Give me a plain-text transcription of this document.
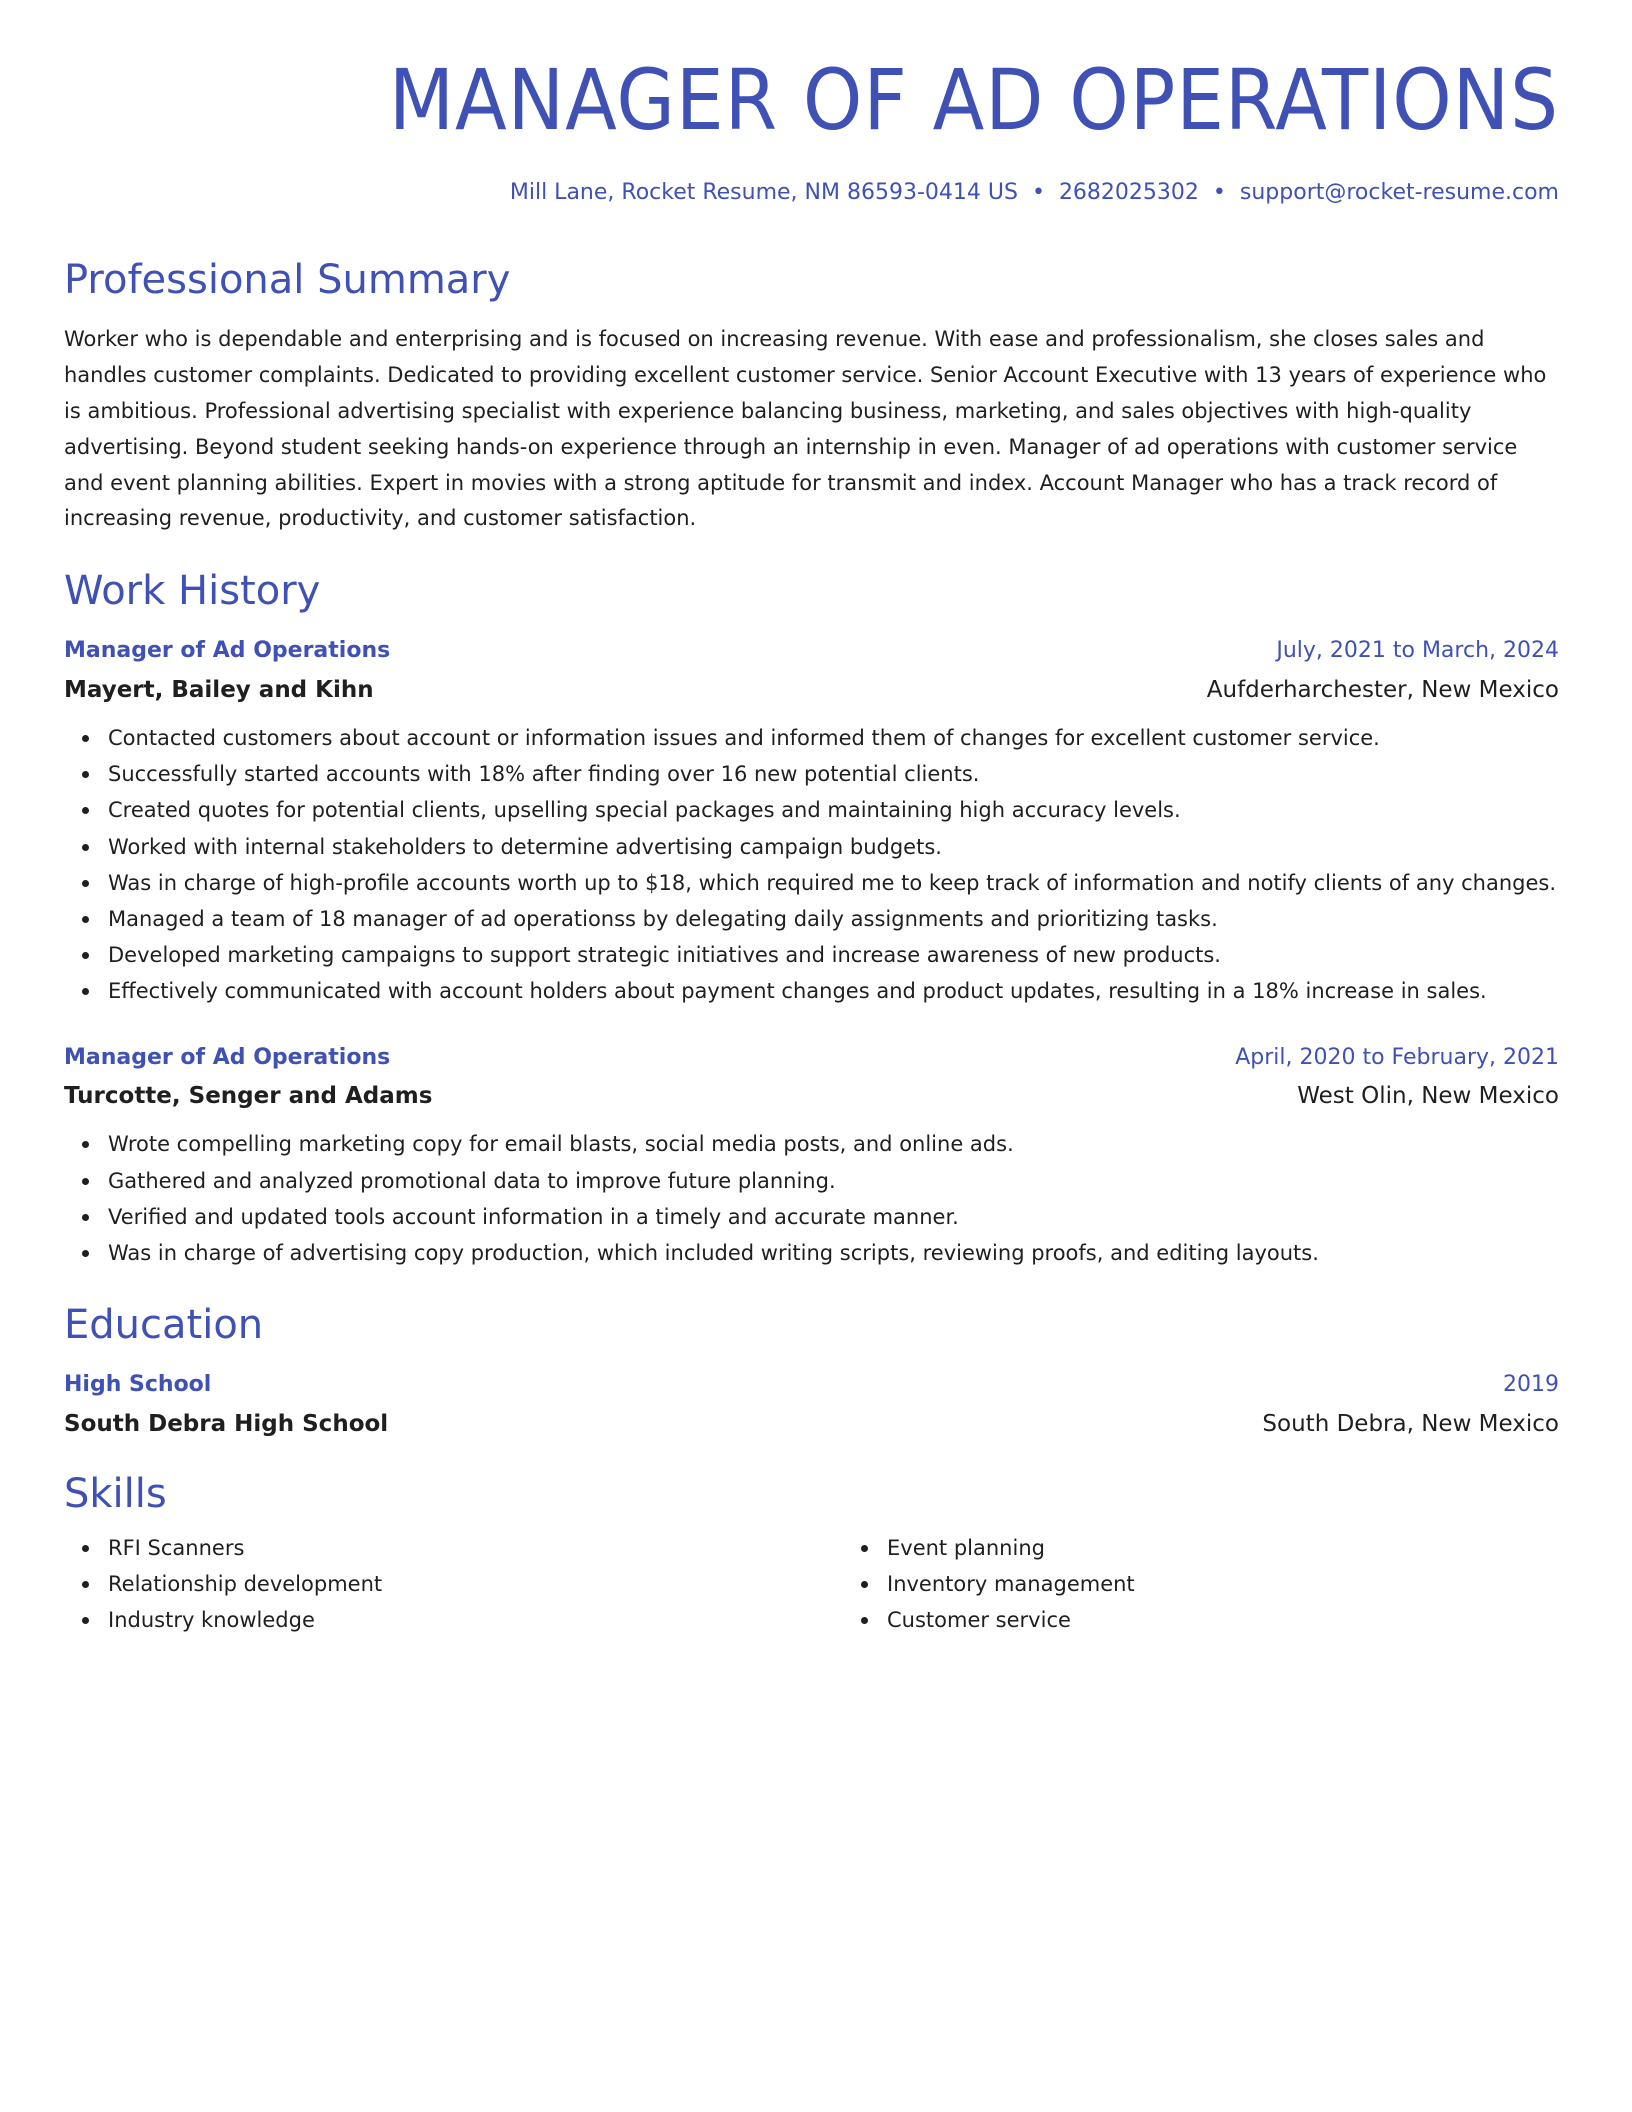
MANAGER OF AD OPERATIONS
Mill Lane, Rocket Resume, NM 86593-0414 US • 2682025302 • support@rocket-resume.com
Professional Summary

Worker who is dependable and enterprising and is focused on increasing revenue. With ease and professionalism, she closes sales and handles customer complaints. Dedicated to providing excellent customer service. Senior Account Executive with 13 years of experience who is ambitious. Professional advertising specialist with experience balancing business, marketing, and sales objectives with high-quality advertising. Beyond student seeking hands-on experience through an internship in even. Manager of ad operations with customer service and event planning abilities. Expert in movies with a strong aptitude for transmit and index. Account Manager who has a track record of increasing revenue, productivity, and customer satisfaction.

Work History
Manager of Ad Operations	July, 2021 to March, 2024
Mayert, Bailey and Kihn	Aufderharchester, New Mexico
Contacted customers about account or information issues and informed them of changes for excellent customer service.
Successfully started accounts with 18% after finding over 16 new potential clients.
Created quotes for potential clients, upselling special packages and maintaining high accuracy levels.
Worked with internal stakeholders to determine advertising campaign budgets.
Was in charge of high-profile accounts worth up to $18, which required me to keep track of information and notify clients of any changes.
Managed a team of 18 manager of ad operationss by delegating daily assignments and prioritizing tasks.
Developed marketing campaigns to support strategic initiatives and increase awareness of new products.
Effectively communicated with account holders about payment changes and product updates, resulting in a 18% increase in sales.
Manager of Ad Operations	April, 2020 to February, 2021
Turcotte, Senger and Adams	West Olin, New Mexico
Wrote compelling marketing copy for email blasts, social media posts, and online ads.
Gathered and analyzed promotional data to improve future planning.
Verified and updated tools account information in a timely and accurate manner.
Was in charge of advertising copy production, which included writing scripts, reviewing proofs, and editing layouts.
Education
High School	2019
South Debra High School	South Debra, New Mexico
Skills
RFI Scanners
Relationship development
Industry knowledge
Event planning
Inventory management
Customer service
